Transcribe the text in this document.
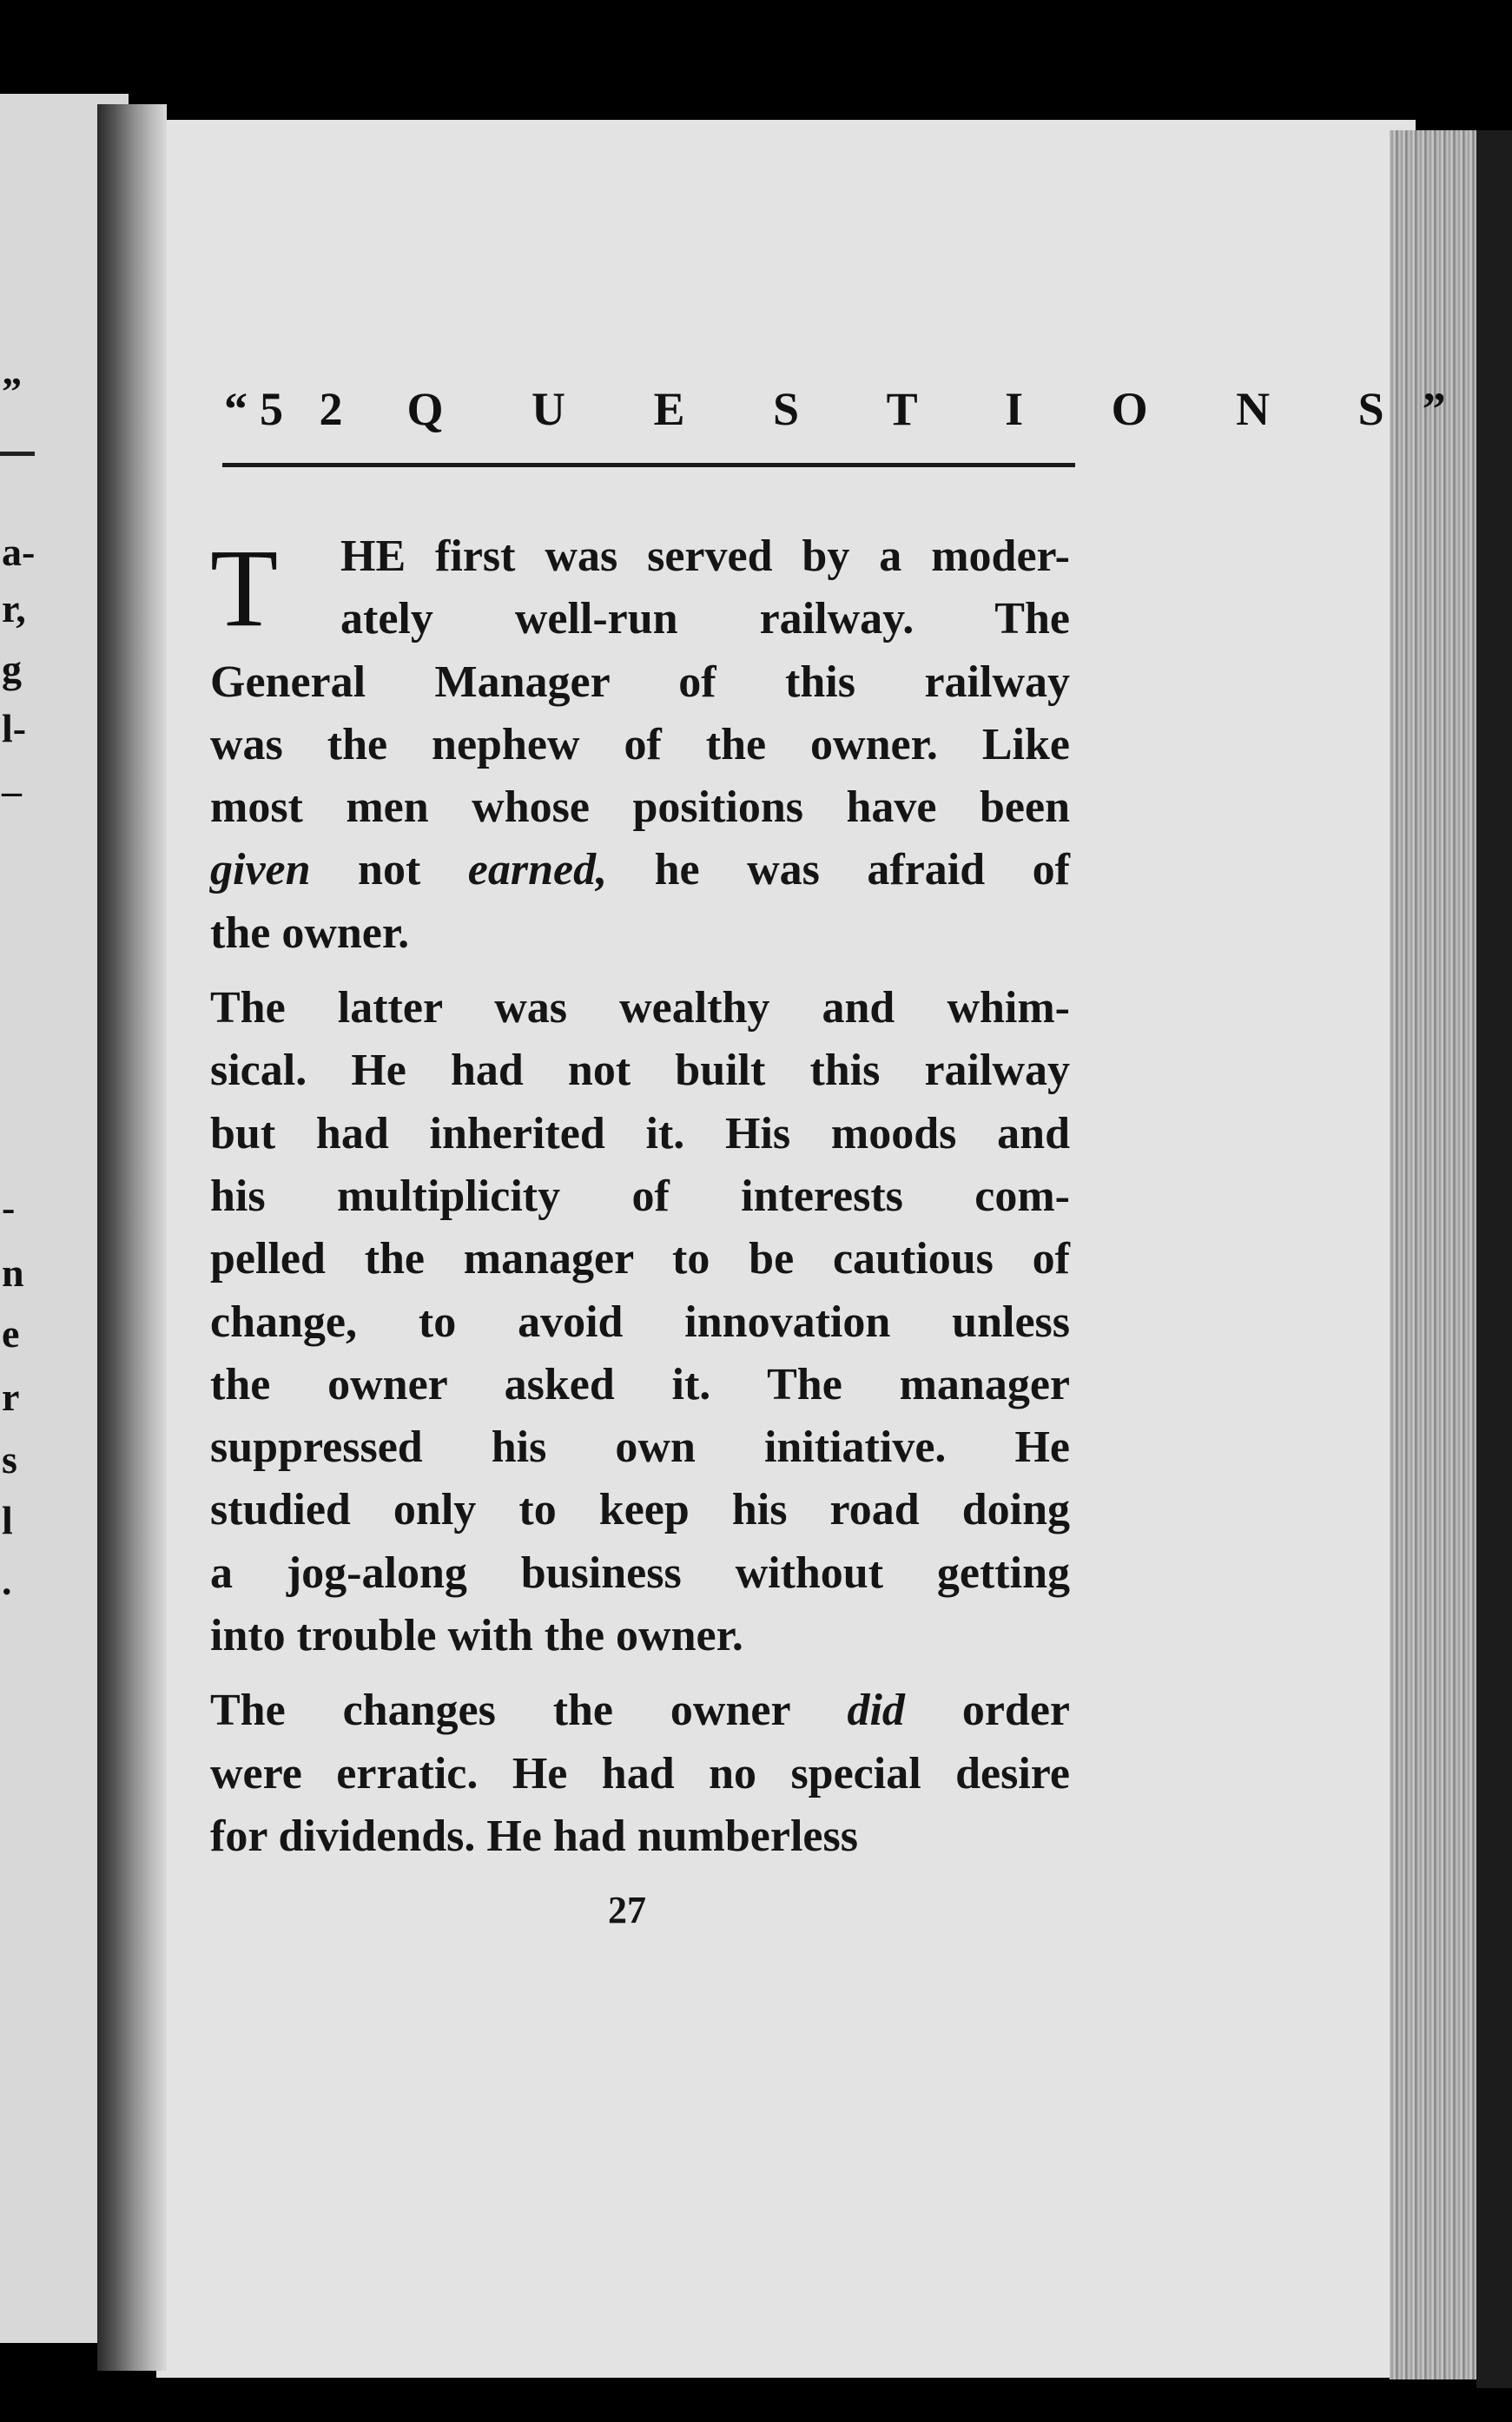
”
a-
r,
g
l-
–
-
n
e
r
s
l
.
“5 2 Q U E S T I O N S”
T	HE first was served by a moder-
ately well-run railway. The
General Manager of this railway
was the nephew of the owner. Like
most men whose positions have been
given not earned, he was afraid of
the owner.
The latter was wealthy and whim-
sical. He had not built this railway
but had inherited it. His moods and
his multiplicity of interests com-
pelled the manager to be cautious of
change, to avoid innovation unless
the owner asked it. The manager
suppressed his own initiative. He
studied only to keep his road doing
a jog-along business without getting
into trouble with the owner.
The changes the owner did order
were erratic. He had no special desire
for dividends. He had numberless
27
